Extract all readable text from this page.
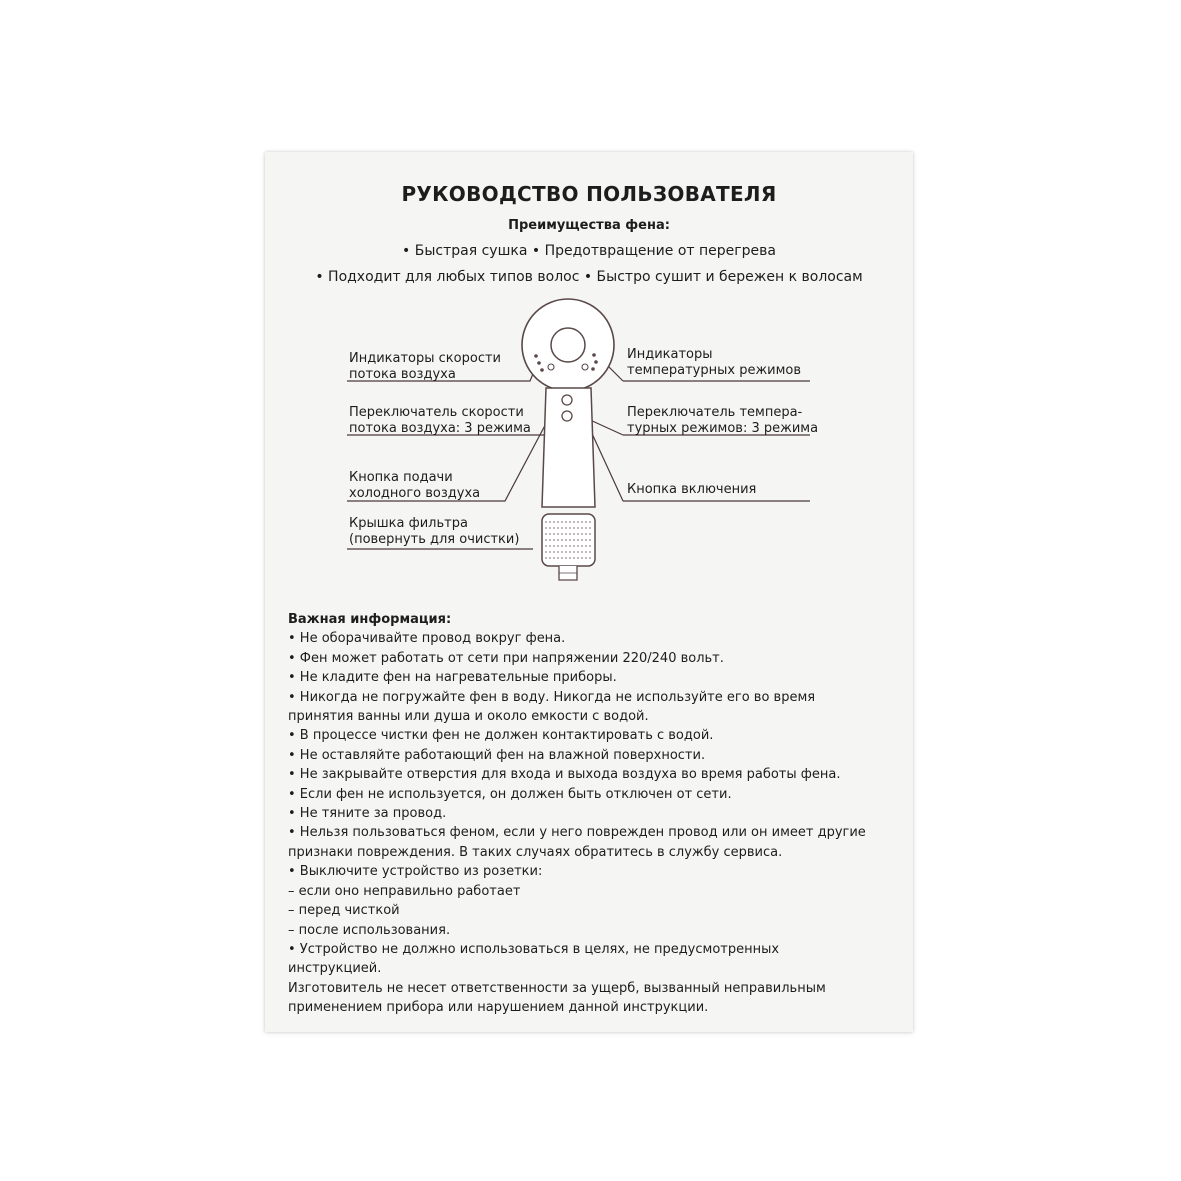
РУКОВОДСТВО ПОЛЬЗОВАТЕЛЯ
Преимущества фена:
• Быстрая сушка • Предотвращение от перегрева
• Подходит для любых типов волос • Быстро сушит и бережен к волосам
Индикаторы скорости
потока воздуха
Индикаторы
температурных режимов
Переключатель скорости
потока воздуха: 3 режима
Переключатель темпера-
турных режимов: 3 режима
Кнопка подачи
холодного воздуха	Кнопка включения
Крышка фильтра
(повернуть для очистки)
Важная информация:
• Не оборачивайте провод вокруг фена.
• Фен может работать от сети при напряжении 220/240 вольт.
• Не кладите фен на нагревательные приборы.
• Никогда не погружайте фен в воду. Никогда не используйте его во время
принятия ванны или душа и около емкости с водой.
• В процессе чистки фен не должен контактировать с водой.
• Не оставляйте работающий фен на влажной поверхности.
• Не закрывайте отверстия для входа и выхода воздуха во время работы фена.
• Если фен не используется, он должен быть отключен от сети.
• Не тяните за провод.
• Нельзя пользоваться феном, если у него поврежден провод или он имеет другие
признаки повреждения. В таких случаях обратитесь в службу сервиса.
• Выключите устройство из розетки:
– если оно неправильно работает
– перед чисткой
– после использования.
• Устройство не должно использоваться в целях, не предусмотренных
инструкцией.
Изготовитель не несет ответственности за ущерб, вызванный неправильным
применением прибора или нарушением данной инструкции.
